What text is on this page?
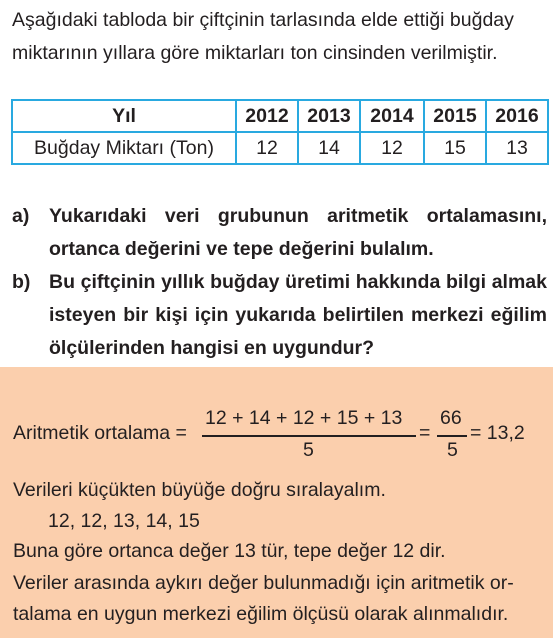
Aşağıdaki tabloda bir çiftçinin tarlasında elde ettiği buğday miktarının yıllara göre miktarları ton cinsinden verilmiştir.
Yıl	2012	2013	2014	2015	2016
Buğday Miktarı (Ton)	12	14	12	15	13
a) Yukarıdaki veri grubunun aritmetik ortalamasını, ortanca değerini ve tepe değerini bulalım.
b) Bu çiftçinin yıllık buğday üretimi hakkında bilgi almak isteyen bir kişi için yukarıda belirtilen merkezi eğilim ölçülerinden hangisi en uygundur?
Aritmetik ortalama =
12 + 14 + 12 + 15 + 13
5
=
66
5
= 13,2
Verileri küçükten büyüğe doğru sıralayalım.
12, 12, 13, 14, 15
Buna göre ortanca değer 13 tür, tepe değer 12 dir.
Veriler arasında aykırı değer bulunmadığı için aritmetik or-
talama en uygun merkezi eğilim ölçüsü olarak alınmalıdır.
